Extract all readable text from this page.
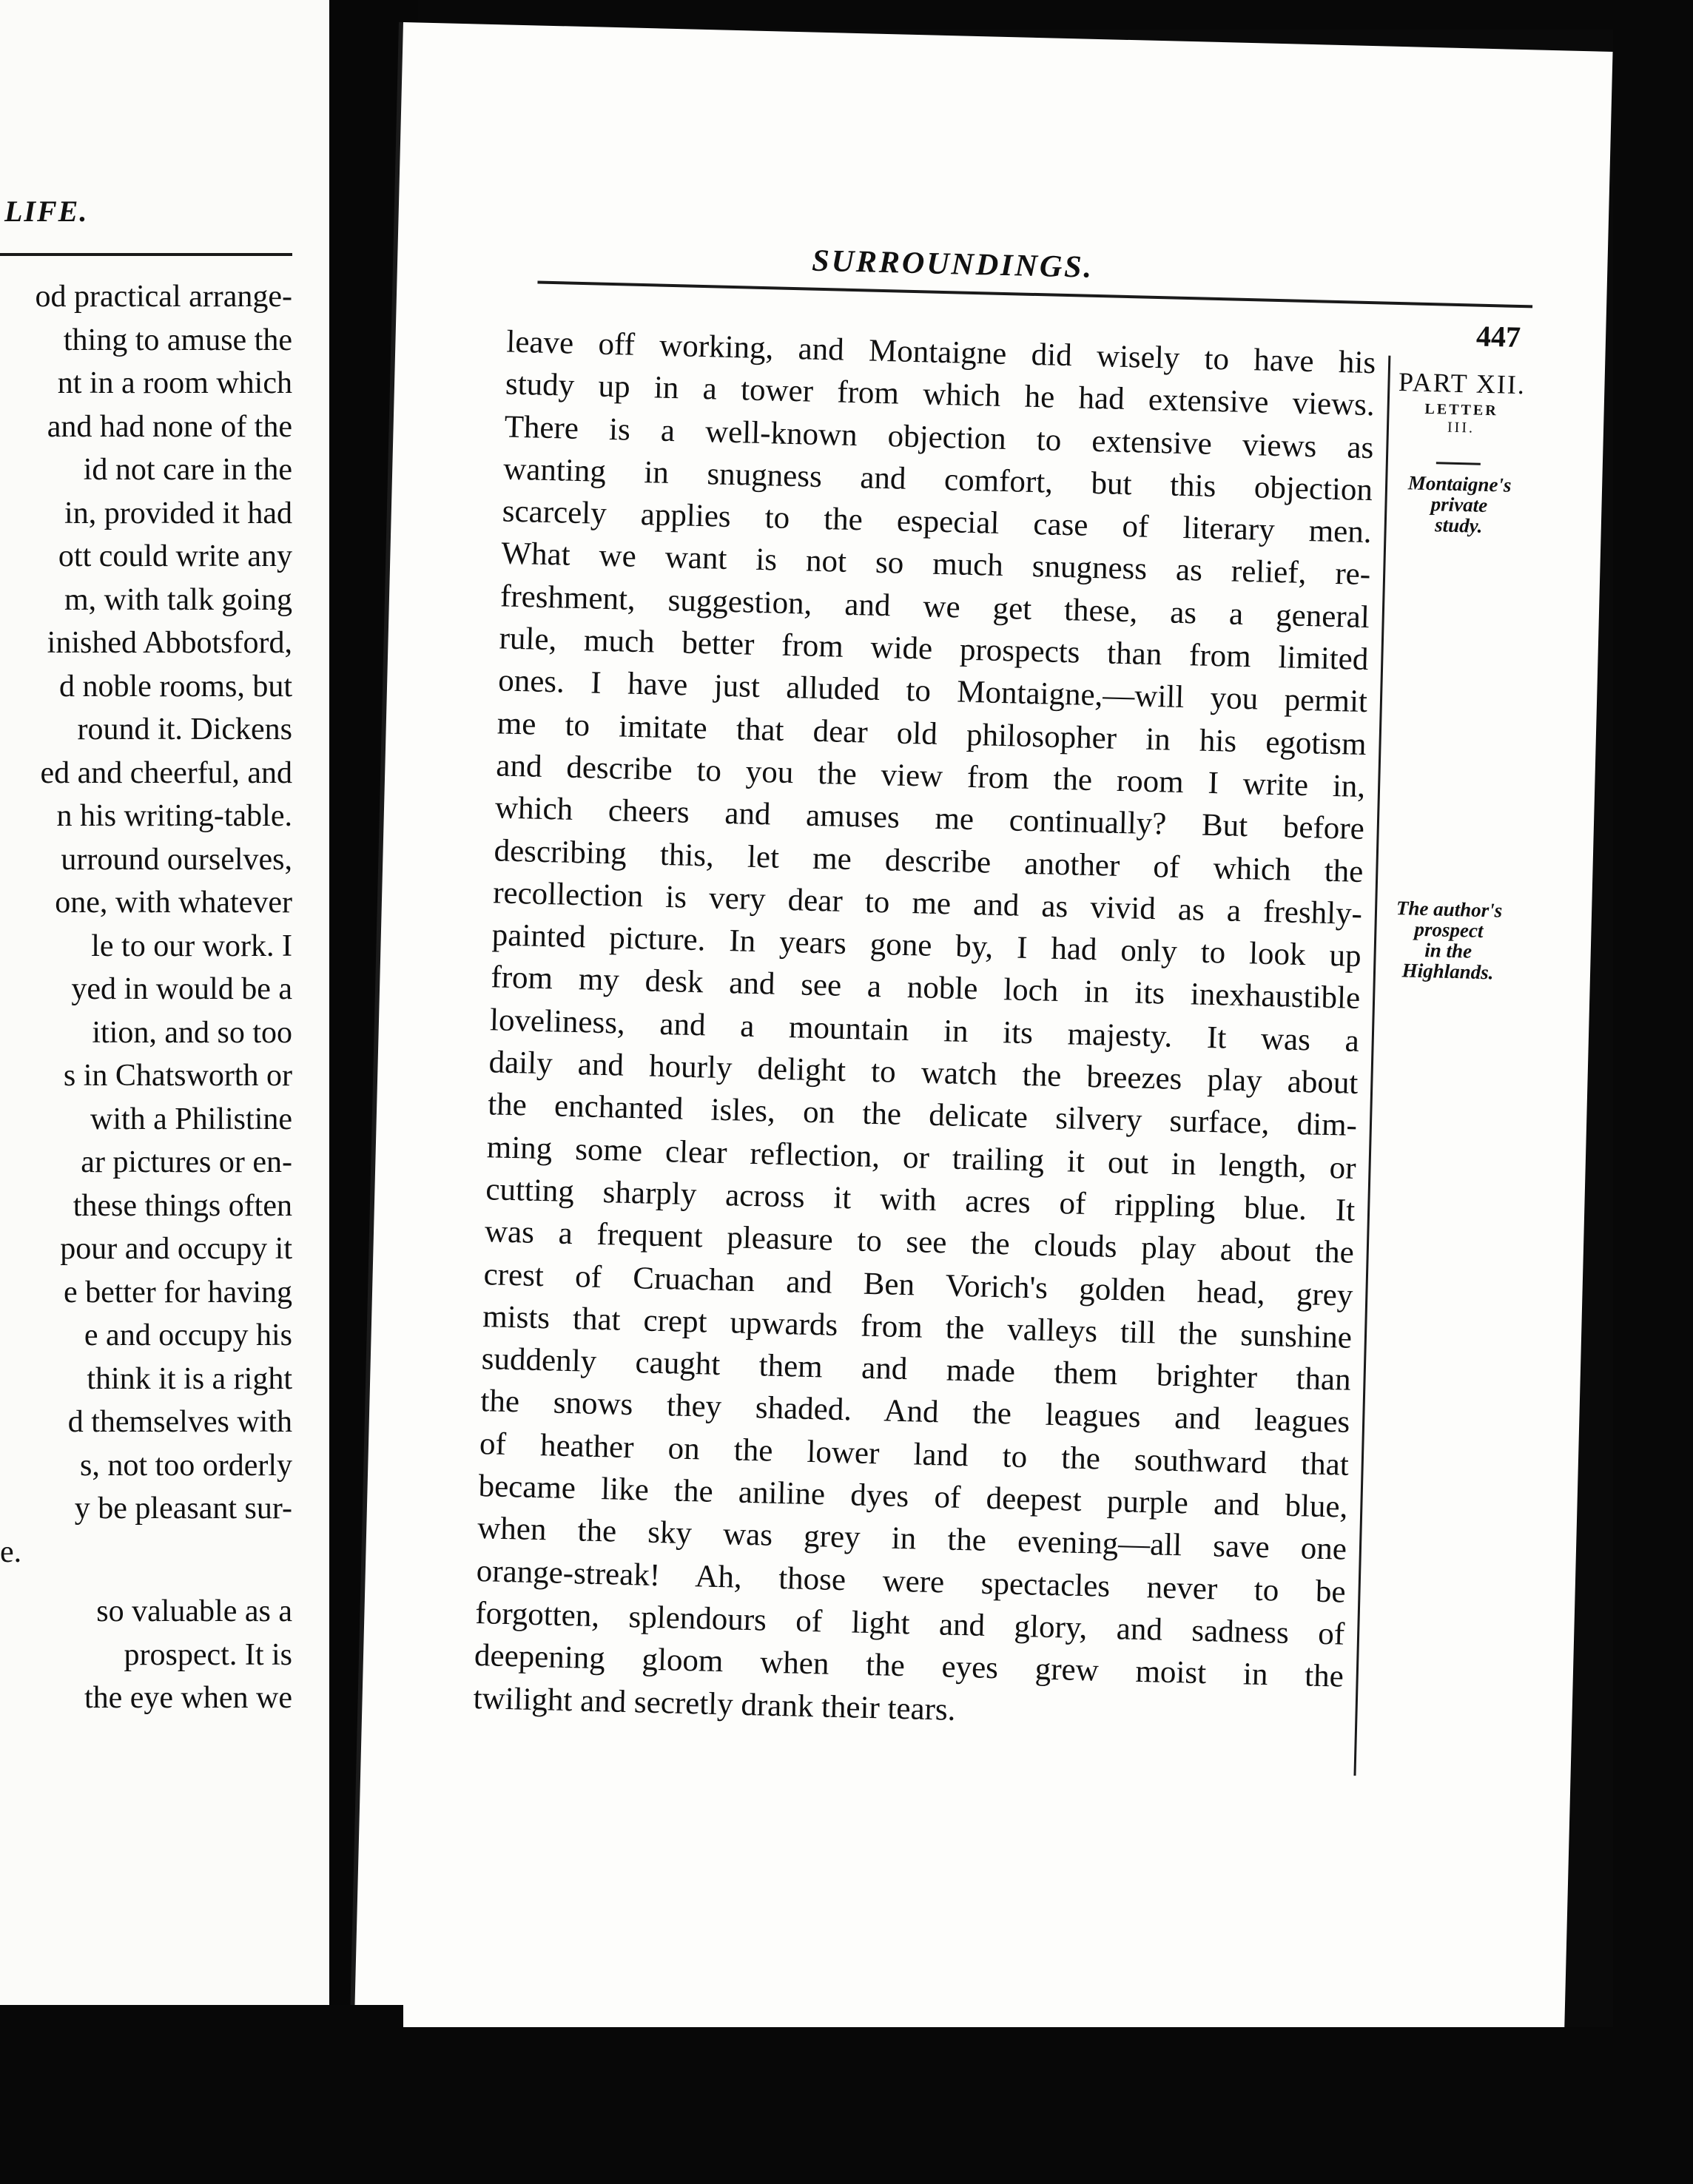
LIFE.
od practical arrange-
thing to amuse the
nt in a room which
and had none of the
id not care in the
in, provided it had
ott could write any
m, with talk going
inished Abbotsford,
d noble rooms, but
round it. Dickens
ed and cheerful, and
n his writing-table.
urround ourselves,
one, with whatever
le to our work. I
yed in would be a
ition, and so too
s in Chatsworth or
with a Philistine
ar pictures or en-
these things often
pour and occupy it
e better for having
e and occupy his
think it is a right
d themselves with
s, not too orderly
y be pleasant sur-
e.
so valuable as a
prospect. It is
the eye when we
SURROUNDINGS.
447
leave off working, and Montaigne did wisely to have his
study up in a tower from which he had extensive views.
There is a well-known objection to extensive views as
wanting in snugness and comfort, but this objection
scarcely applies to the especial case of literary men.
What we want is not so much snugness as relief, re-
freshment, suggestion, and we get these, as a general
rule, much better from wide prospects than from limited
ones. I have just alluded to Montaigne,—will you permit
me to imitate that dear old philosopher in his egotism
and describe to you the view from the room I write in,
which cheers and amuses me continually? But before
describing this, let me describe another of which the
recollection is very dear to me and as vivid as a freshly-
painted picture. In years gone by, I had only to look up
from my desk and see a noble loch in its inexhaustible
loveliness, and a mountain in its majesty. It was a
daily and hourly delight to watch the breezes play about
the enchanted isles, on the delicate silvery surface, dim-
ming some clear reflection, or trailing it out in length, or
cutting sharply across it with acres of rippling blue. It
was a frequent pleasure to see the clouds play about the
crest of Cruachan and Ben Vorich's golden head, grey
mists that crept upwards from the valleys till the sunshine
suddenly caught them and made them brighter than
the snows they shaded. And the leagues and leagues
of heather on the lower land to the southward that
became like the aniline dyes of deepest purple and blue,
when the sky was grey in the evening—all save one
orange-streak! Ah, those were spectacles never to be
forgotten, splendours of light and glory, and sadness of
deepening gloom when the eyes grew moist in the
twilight and secretly drank their tears.
PART XII.
LETTER
III.
Montaigne's
private
study.
The author's
prospect
in the
Highlands.
